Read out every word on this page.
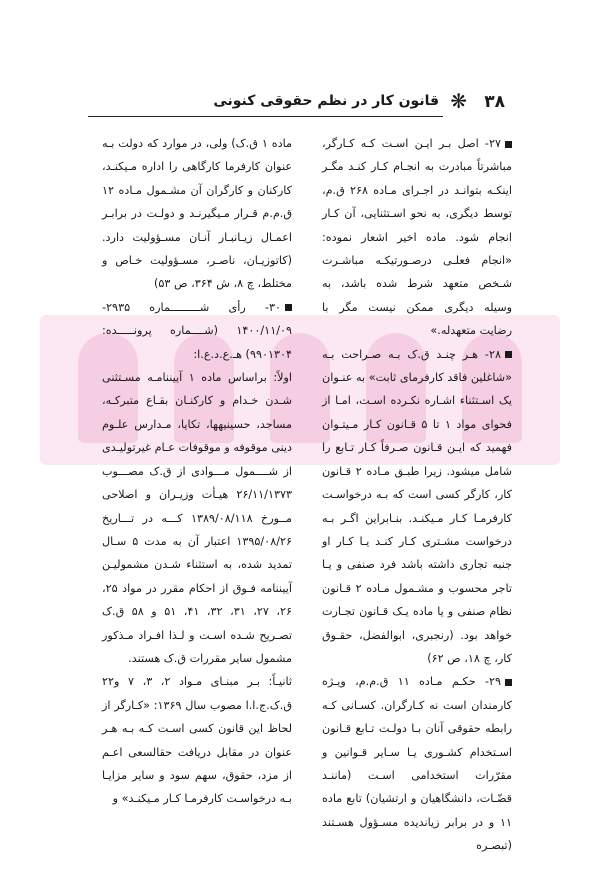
۳۸
❋
قانون کار در نظم حقوقی کنونی

۲۷- اصل بـر ایـن اسـت کـه کـارگر، مباشرتاً مبادرت به انجـام کـار کنـد مگـر اینکـه بتوانـد در اجـرای مـاده ۲۶۸ ق.م، توسط دیگری، به نحو اسـتثنایی، آن کـار انجام شود. ماده اخیر اشعار نموده: «انجام فعلـی درصـورتیکـه مباشـرت شـخص متعهد شرط شده باشد، به وسیله دیگری ممکن نیست مگر با رضایت متعهدله.»

۲۸- هـر چنـد ق.ک بـه صـراحت بـه «شاغلین فاقد کارفرمای ثابت» به عنـوان یک اسـتثناء اشـاره نکـرده اسـت، امـا از فحوای مواد ۱ تا ۵ قـانون کـار مـیتـوان فهمید که ایـن قـانون صـرفاً کـار تـابع را شامل میشود. زیرا طبـق مـاده ۲ قـانون کار، کارگر کسی است که بـه درخواسـت کارفرمـا کـار مـیکنـد. بنـابراین اگـر بـه درخواست مشـتری کـار کنـد یـا کـار او جنبه تجاری داشته باشد فرد صنفی و یـا تاجر محسوب و مشـمول مـاده ۲ قـانون نظام صنفی و یا ماده یـک قـانون تجـارت خواهد بود. (رنجبری، ابوالفضل، حقـوق کار، چ ۱۸، ص ۶۲)

۲۹- حکـم مـاده ۱۱ ق.م.م، ویـژه کارمندان است نه کـارگران. کسـانی کـه رابطه حقوقی آنان بـا دولـت تـابع قـانون اسـتخدام کشـوری یـا سـایر قـوانین و مقرّرات استخدامی اسـت (ماننـد قضّـات، دانشگاهیان و ارتشیان) تابع ماده ۱۱ و در برابر زیاندیده مسـؤول هسـتند (تبصـره

ماده ۱ ق.ک) ولی، در موارد که دولت بـه عنوان کارفرما کارگاهی را اداره مـیکنـد، کارکنان و کارگران آن مشـمول مـاده ۱۲ ق.م.م قـرار مـیگیرنـد و دولـت در برابـر اعمـال زیـانبـار آنـان مسـؤولیت دارد. (کاتوزیـان، ناصـر، مسـؤولیت خـاص و مختلط، چ ۸، ش ۳۶۴، ص ۵۳)

۳۰- رأی شـــــــــماره ۲۹۳۵- ۱۴۰۰/۱۱/۰۹ (شــــماره پرونـــــده: ۹۹۰۱۳۰۴) هـ.ع.د.ع.ا:

اولاً: براساس ماده ۱ آییننامـه مسـتثنی شـدن خـدام و کارکنـان بقـاع متبرکـه، مساجد، حسینیهها، تکایا، مـدارس علـوم دینی موقوفه و موقوفات عـام غیرتولیـدی از شــــمول مـــوادی از ق.ک مصـــوب ۲۶/۱۱/۱۳۷۳ هیـأت وزیـران و اصلاحی مــورخ ۱۳۸۹/۰۸/۱۱۸ کـــه در تـــاریخ ۱۳۹۵/۰۸/۲۶ اعتبار آن به مدت ۵ سـال تمدید شده، به استثناء شـدن مشمولیـن آییننامه فـوق از احکام مقرر در مواد ۲۵، ۲۶، ۲۷، ۳۱، ۳۲، ۴۱، ۵۱ و ۵۸ ق.ک تصـریح شـده اسـت و لـذا افـراد مـذکور مشمول سایر مقررات ق.ک هستند.

ثانیـاً: بـر مبنـای مـواد ۲، ۳، ۷ و۲۲ ق.ک.ج.ا.ا مصوب سال ۱۳۶۹: «کـارگر از لحاظ این قانون کسی اسـت کـه بـه هـر عنوان در مقابل دریافت حقالسعی اعـم از مزد، حقوق، سهم سود و سایر مزایـا بـه درخواسـت کارفرمـا کـار مـیکنـد» و
